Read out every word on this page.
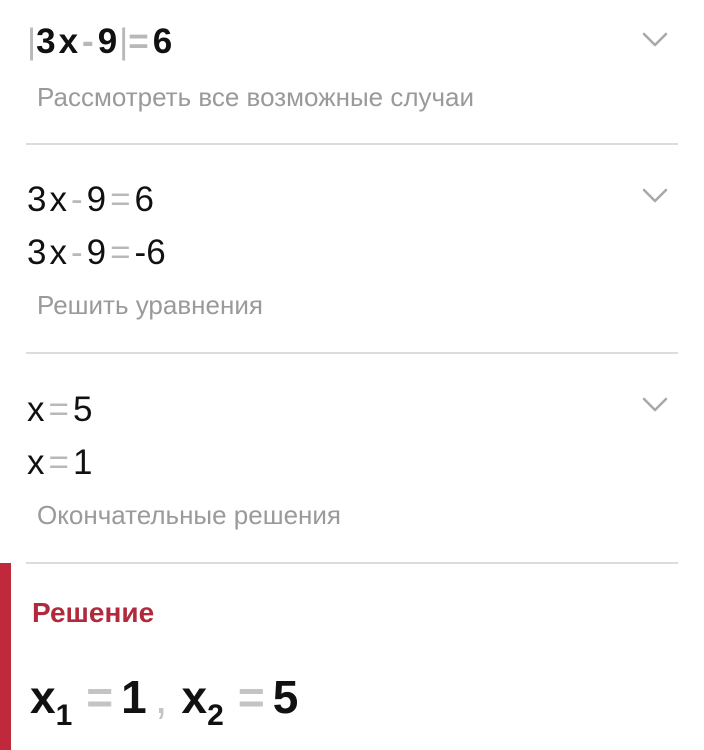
| 3 x - 9 | = 6
Рассмотреть все возможные случаи
3 x - 9 = 6
3 x - 9 = -6
Решить уравнения
x = 5
x = 1
Окончательные решения
Решение
$x_1 = 1$ , $x_2 = 5$
